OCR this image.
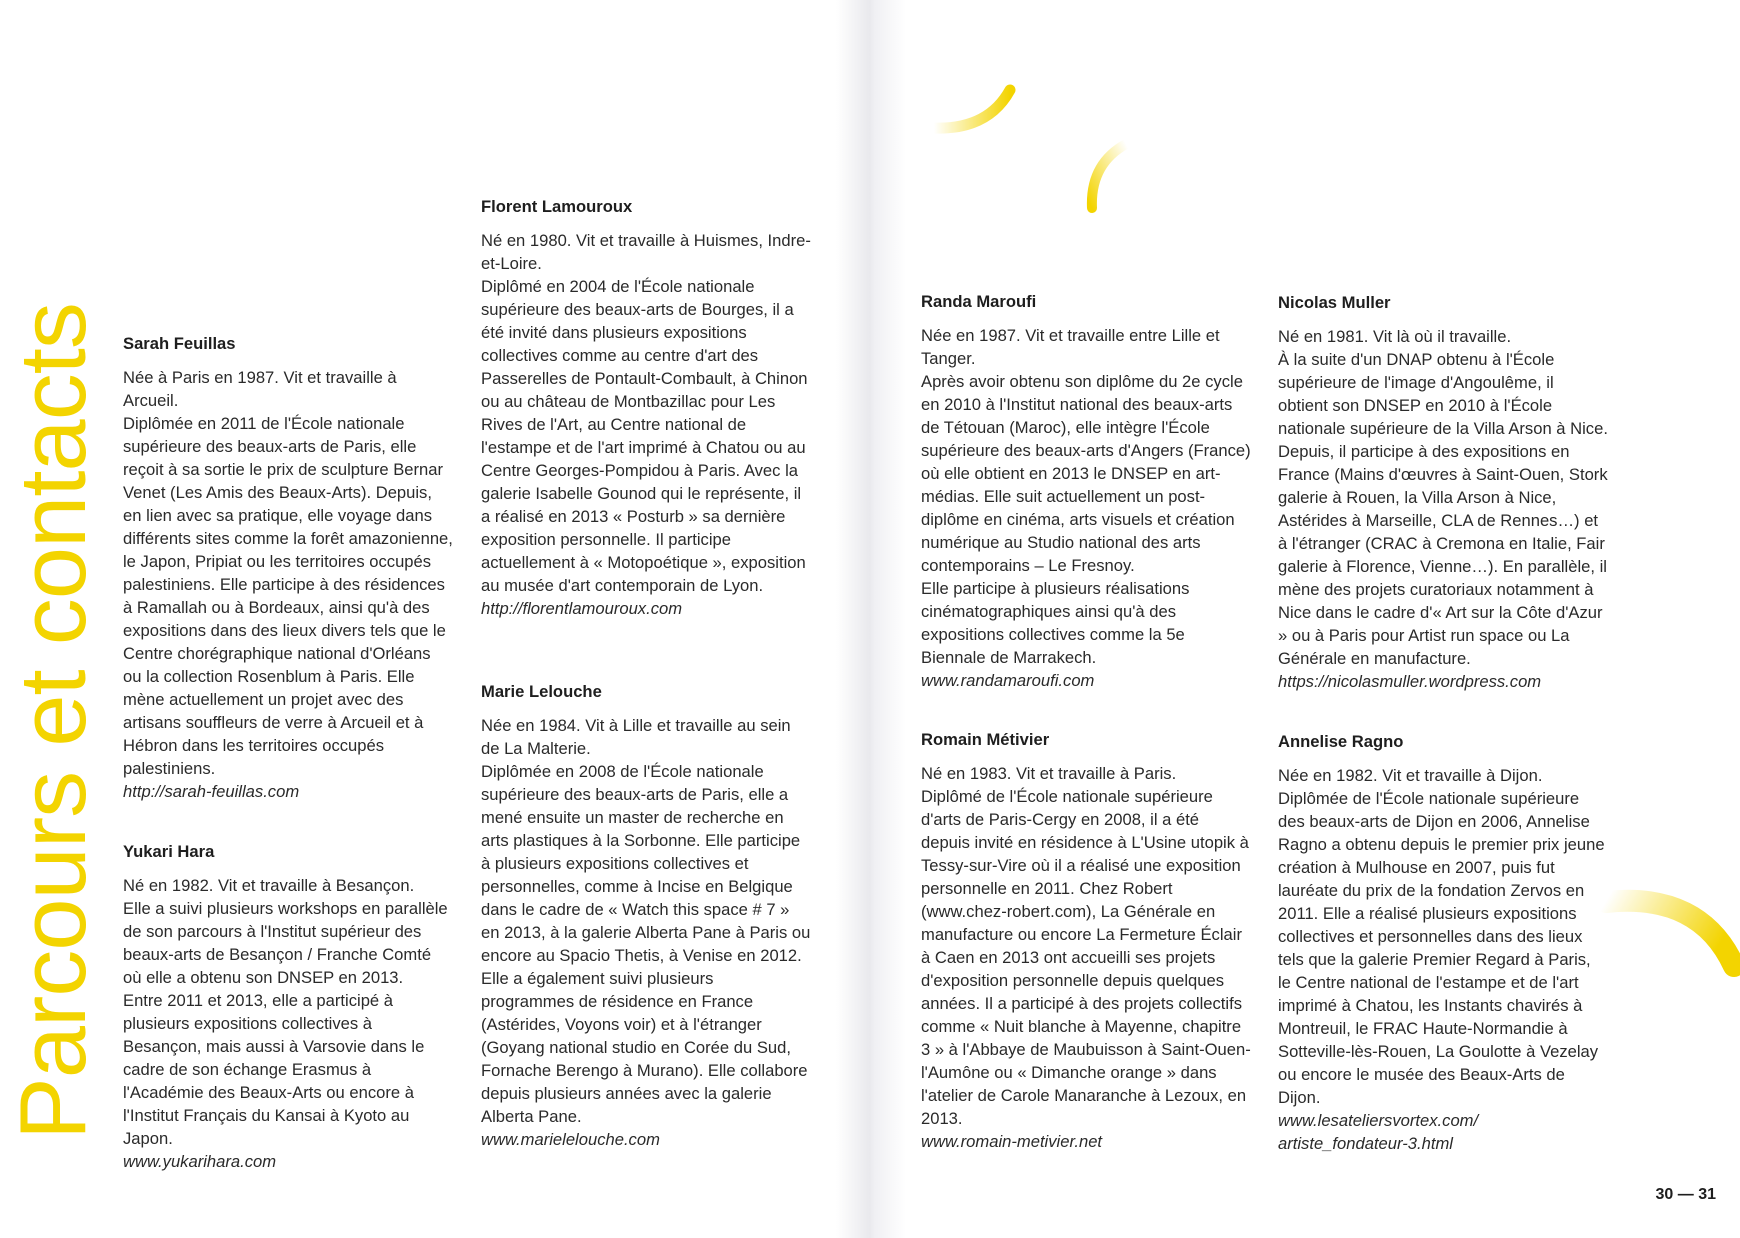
Parcours et contacts Sarah Feuillas

Née à Paris en 1987. Vit et travaille à Arcueil.
Diplômée en 2011 de l'École nationale supérieure des beaux-arts de Paris, elle reçoit à sa sortie le prix de sculpture Bernar Venet (Les Amis des Beaux-Arts). Depuis, en lien avec sa pratique, elle voyage dans différents sites comme la forêt amazonienne, le Japon, Pripiat ou les territoires occupés palestiniens. Elle participe à des résidences à Ramallah ou à Bordeaux, ainsi qu'à des expositions dans des lieux divers tels que le Centre chorégraphique national d'Orléans ou la collection Rosenblum à Paris. Elle mène actuellement un projet avec des artisans souffleurs de verre à Arcueil et à Hébron dans les territoires occupés palestiniens.

http://sarah-feuillas.com

Yukari Hara

Né en 1982. Vit et travaille à Besançon.
Elle a suivi plusieurs workshops en parallèle de son parcours à l'Institut supérieur des beaux-arts de Besançon / Franche Comté où elle a obtenu son DNSEP en 2013.
Entre 2011 et 2013, elle a participé à plusieurs expositions collectives à Besançon, mais aussi à Varsovie dans le cadre de son échange Erasmus à l'Académie des Beaux-Arts ou encore à l'Institut Français du Kansai à Kyoto au Japon.

www.yukarihara.com

Florent Lamouroux

Né en 1980. Vit et travaille à Huismes, Indre-et-Loire.
Diplômé en 2004 de l'École nationale supérieure des beaux-arts de Bourges, il a été invité dans plusieurs expositions collectives comme au centre d'art des Passerelles de Pontault-Combault, à Chinon ou au château de Montbazillac pour Les Rives de l'Art, au Centre national de l'estampe et de l'art imprimé à Chatou ou au Centre Georges-Pompidou à Paris. Avec la galerie Isabelle Gounod qui le représente, il a réalisé en 2013 « Posturb » sa dernière exposition personnelle. Il participe actuellement à « Motopoétique », exposition au musée d'art contemporain de Lyon.

http://florentlamouroux.com

Marie Lelouche

Née en 1984. Vit à Lille et travaille au sein de La Malterie.
Diplômée en 2008 de l'École nationale supérieure des beaux-arts de Paris, elle a mené ensuite un master de recherche en arts plastiques à la Sorbonne. Elle participe à plusieurs expositions collectives et personnelles, comme à Incise en Belgique dans le cadre de « Watch this space # 7 » en 2013, à la galerie Alberta Pane à Paris ou encore au Spacio Thetis, à Venise en 2012. Elle a également suivi plusieurs programmes de résidence en France (Astérides, Voyons voir) et à l'étranger (Goyang national studio en Corée du Sud, Fornache Berengo à Murano). Elle collabore depuis plusieurs années avec la galerie Alberta Pane.

www.marielelouche.com

Randa Maroufi

Née en 1987. Vit et travaille entre Lille et Tanger.
Après avoir obtenu son diplôme du 2e cycle en 2010 à l'Institut national des beaux-arts de Tétouan (Maroc), elle intègre l'École supérieure des beaux-arts d'Angers (France) où elle obtient en 2013 le DNSEP en art-médias. Elle suit actuellement un post-diplôme en cinéma, arts visuels et création numérique au Studio national des arts contemporains – Le Fresnoy.
Elle participe à plusieurs réalisations cinématographiques ainsi qu'à des expositions collectives comme la 5e Biennale de Marrakech.

www.randamaroufi.com

Romain Métivier

Né en 1983. Vit et travaille à Paris.
Diplômé de l'École nationale supérieure d'arts de Paris-Cergy en 2008, il a été depuis invité en résidence à L'Usine utopik à Tessy-sur-Vire où il a réalisé une exposition personnelle en 2011. Chez Robert (www.chez-robert.com), La Générale en manufacture ou encore La Fermeture Éclair à Caen en 2013 ont accueilli ses projets d'exposition personnelle depuis quelques années. Il a participé à des projets collectifs comme « Nuit blanche à Mayenne, chapitre 3 » à l'Abbaye de Maubuisson à Saint-Ouen-l'Aumône ou « Dimanche orange » dans l'atelier de Carole Manaranche à Lezoux, en 2013.

www.romain-metivier.net

Nicolas Muller

Né en 1981. Vit là où il travaille.
À la suite d'un DNAP obtenu à l'École supérieure de l'image d'Angoulême, il obtient son DNSEP en 2010 à l'École nationale supérieure de la Villa Arson à Nice. Depuis, il participe à des expositions en France (Mains d'œuvres à Saint-Ouen, Stork galerie à Rouen, la Villa Arson à Nice, Astérides à Marseille, CLA de Rennes…) et à l'étranger (CRAC à Cremona en Italie, Fair galerie à Florence, Vienne…). En parallèle, il mène des projets curatoriaux notamment à Nice dans le cadre d'« Art sur la Côte d'Azur » ou à Paris pour Artist run space ou La Générale en manufacture.

https://nicolasmuller.wordpress.com

Annelise Ragno

Née en 1982. Vit et travaille à Dijon.
Diplômée de l'École nationale supérieure des beaux-arts de Dijon en 2006, Annelise Ragno a obtenu depuis le premier prix jeune création à Mulhouse en 2007, puis fut lauréate du prix de la fondation Zervos en 2011. Elle a réalisé plusieurs expositions collectives et personnelles dans des lieux tels que la galerie Premier Regard à Paris, le Centre national de l'estampe et de l'art imprimé à Chatou, les Instants chavirés à Montreuil, le FRAC Haute-Normandie à Sotteville-lès-Rouen, La Goulotte à Vezelay ou encore le musée des Beaux-Arts de Dijon.

www.lesateliersvortex.com/ artiste_fondateur-3.html

30 — 31
